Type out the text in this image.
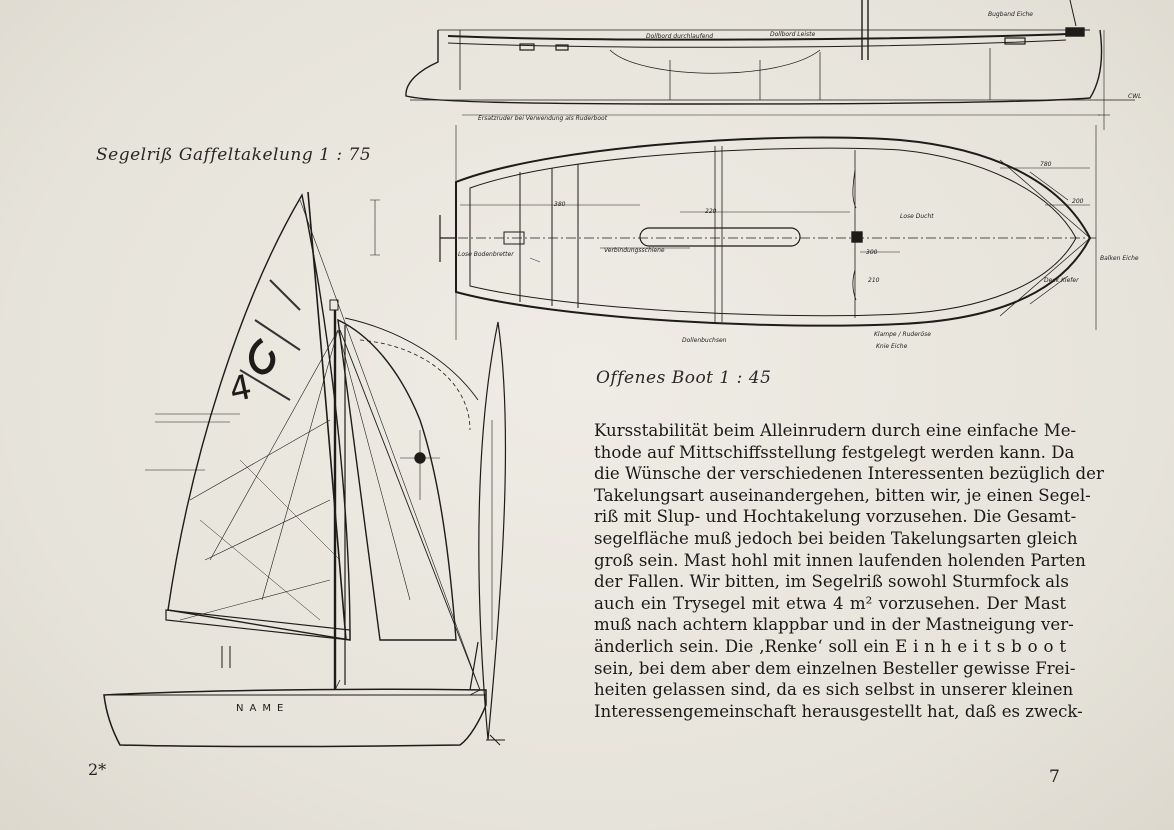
4
NAME
380
220
780
200
300
210
Dollbord durchlaufend	Dollbord Leiste
Bugband Eiche
Ersatzruder bei Verwendung als Ruderboot
CWL
Verbindungsschiene
Lose Ducht
Dollenbuchsen
Balken Eiche
Deck Kiefer
Klampe / Ruderöse
Knie Eiche
Lose Bodenbretter
Segelriß Gaffeltakelung 1 : 75
Offenes Boot 1 : 45
Kursstabilität beim Alleinrudern durch eine einfache Me-
thode auf Mittschiffsstellung festgelegt werden kann. Da
die Wünsche der verschiedenen Interessenten bezüglich der
Takelungsart auseinandergehen, bitten wir, je einen Segel-
riß mit Slup- und Hochtakelung vorzusehen. Die Gesamt-
segelfläche muß jedoch bei beiden Takelungsarten gleich
groß sein. Mast hohl mit innen laufenden holenden Parten
der Fallen. Wir bitten, im Segelriß sowohl Sturmfock als
auch ein Trysegel mit etwa 4 m² vorzusehen. Der Mast
muß nach achtern klappbar und in der Mastneigung ver-
änderlich sein. Die ‚Renke‘ soll ein E i n h e i t s b o o t
sein, bei dem aber dem einzelnen Besteller gewisse Frei-
heiten gelassen sind, da es sich selbst in unserer kleinen
Interessengemeinschaft herausgestellt hat, daß es zweck-
2*	7
